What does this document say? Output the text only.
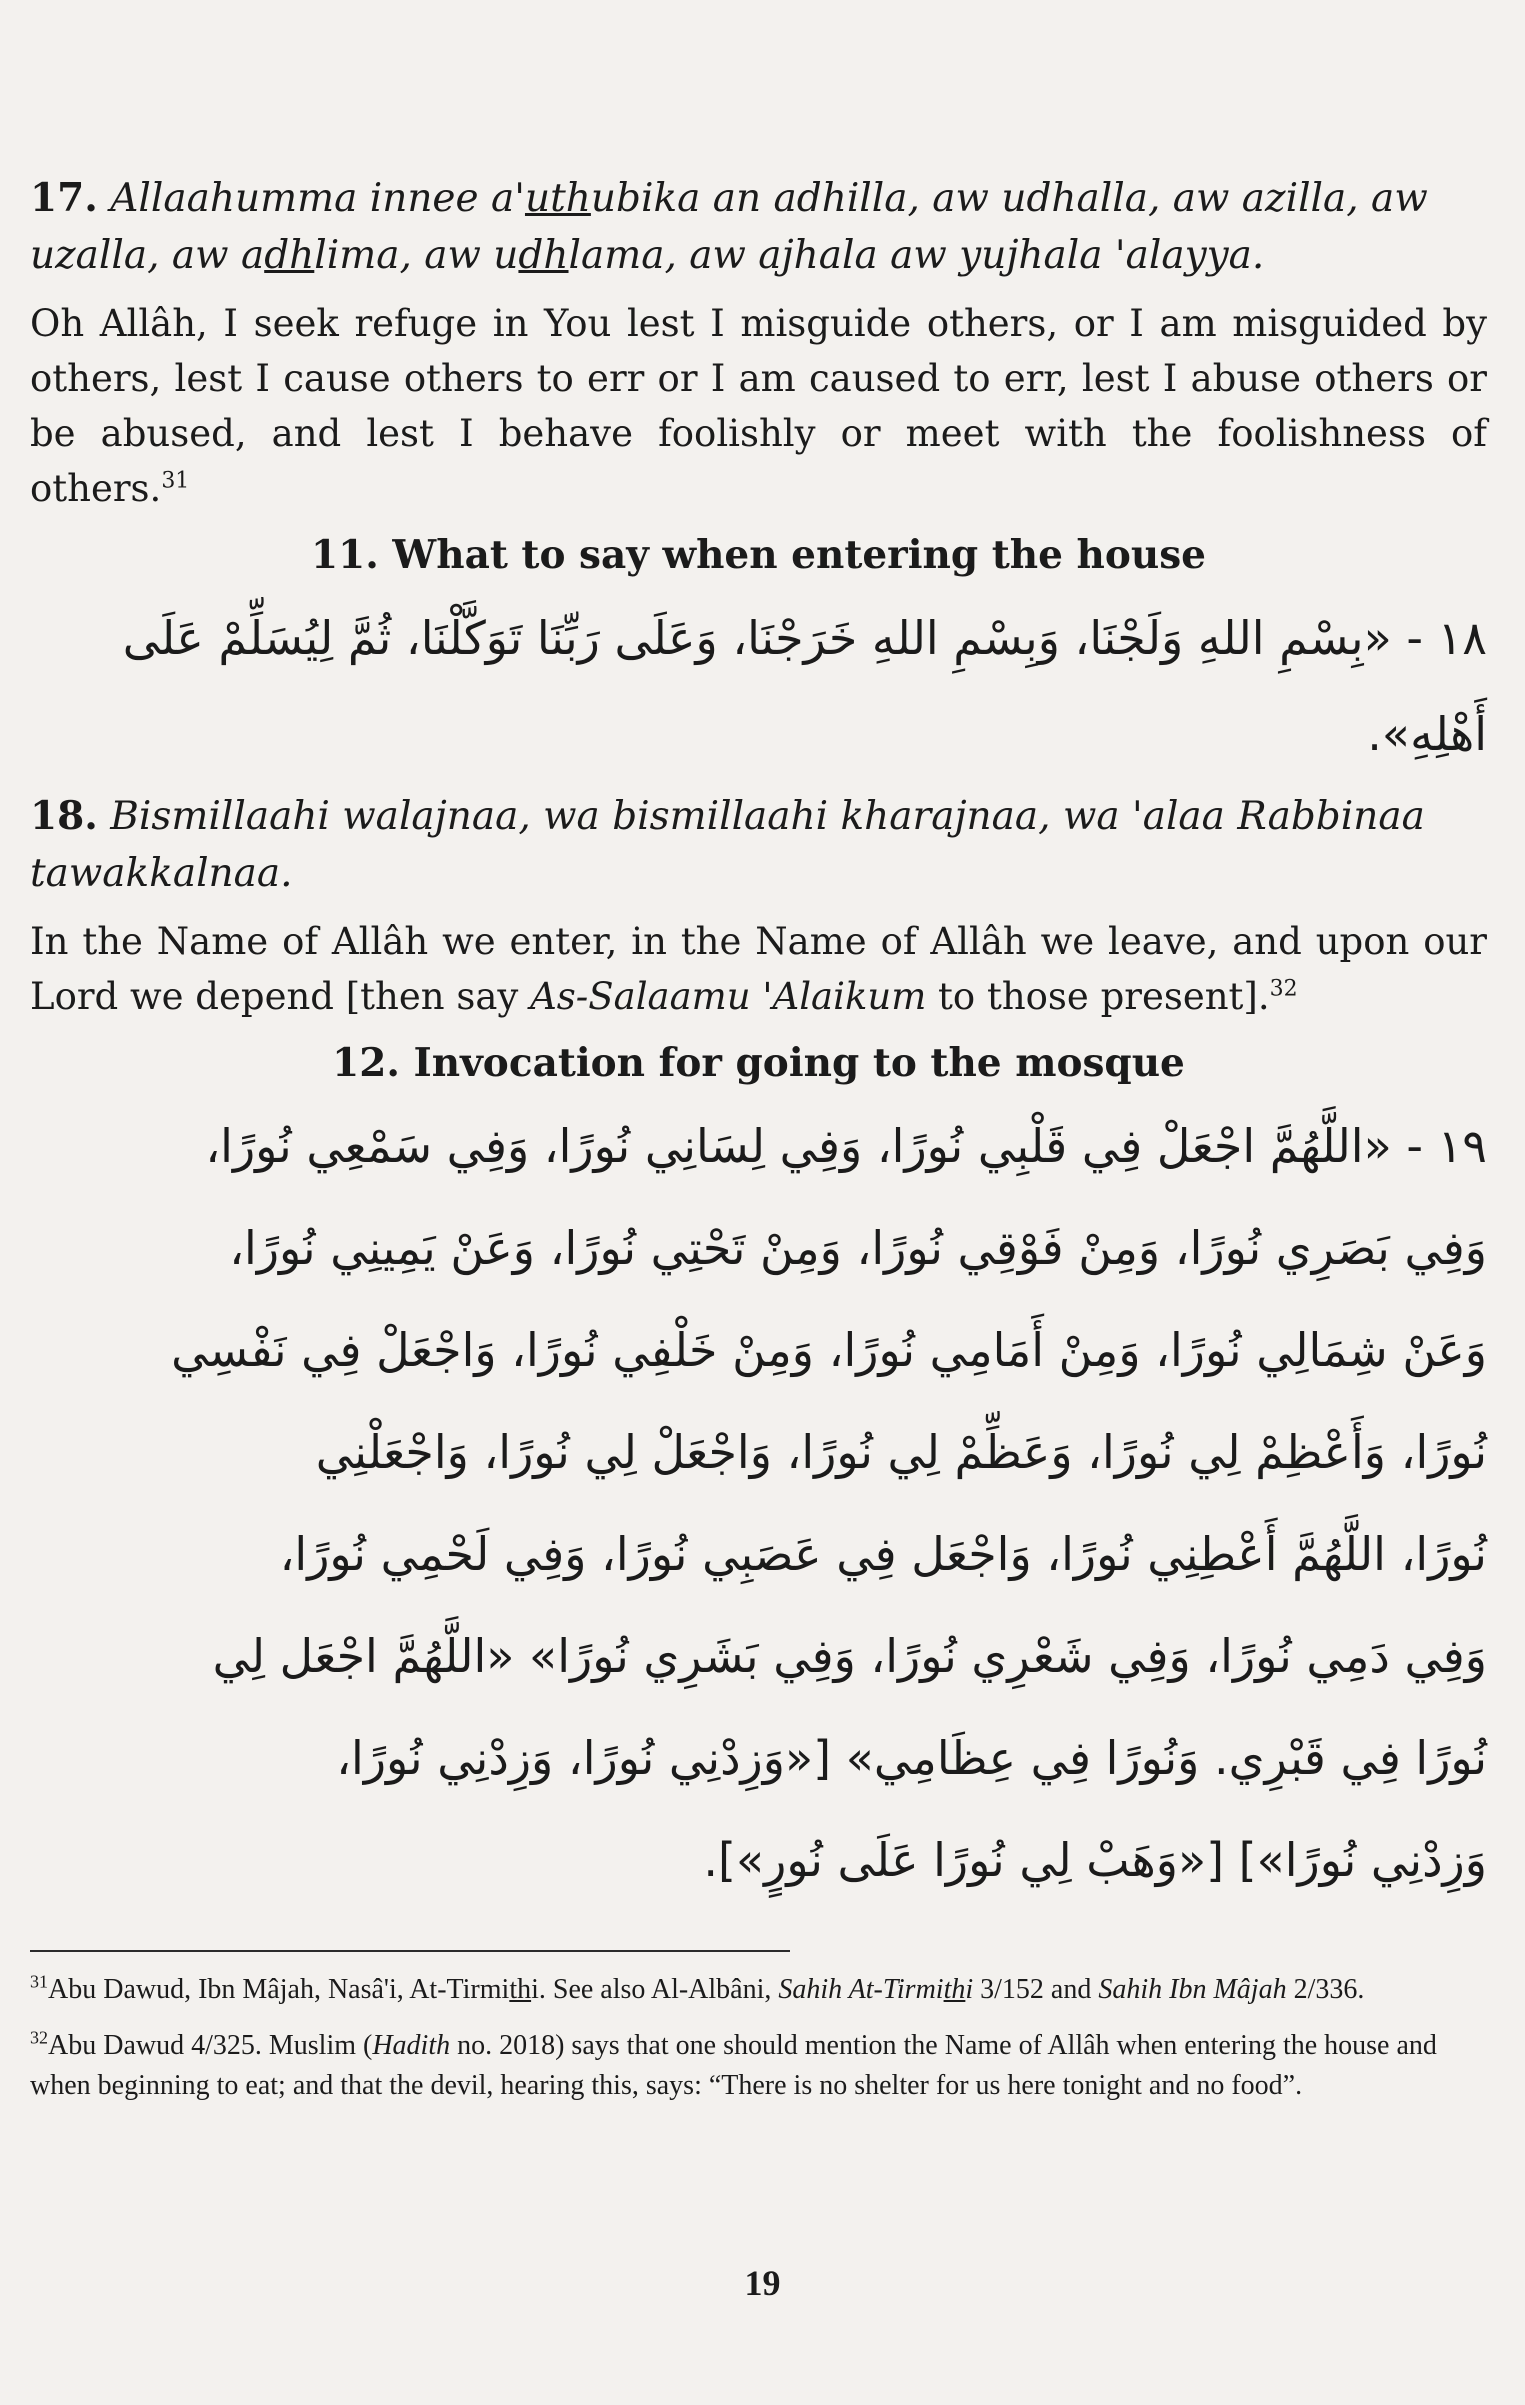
17. Allaahumma innee a'uthubika an adhilla, aw udhalla, aw azilla, aw uzalla, aw adhlima, aw udhlama, aw ajhala aw yujhala 'alayya.

Oh Allâh, I seek refuge in You lest I misguide others, or I am misguided by others, lest I cause others to err or I am caused to err, lest I abuse others or be abused, and lest I behave foolishly or meet with the foolishness of others.$^{31}$

11. What to say when entering the house

١٨ - «بِسْمِ اللهِ وَلَجْنَا، وَبِسْمِ اللهِ خَرَجْنَا، وَعَلَى رَبِّنَا تَوَكَّلْنَا، ثُمَّ لِيُسَلِّمْ عَلَى أَهْلِهِ».

18. Bismillaahi walajnaa, wa bismillaahi kharajnaa, wa 'alaa Rabbinaa tawakkalnaa.

In the Name of Allâh we enter, in the Name of Allâh we leave, and upon our Lord we depend [then say As-Salaamu 'Alaikum to those present].$^{32}$

12. Invocation for going to the mosque

١٩ - «اللَّهُمَّ اجْعَلْ فِي قَلْبِي نُورًا، وَفِي لِسَانِي نُورًا، وَفِي سَمْعِي نُورًا،

وَفِي بَصَرِي نُورًا، وَمِنْ فَوْقِي نُورًا، وَمِنْ تَحْتِي نُورًا، وَعَنْ يَمِينِي نُورًا،

وَعَنْ شِمَالِي نُورًا، وَمِنْ أَمَامِي نُورًا، وَمِنْ خَلْفِي نُورًا، وَاجْعَلْ فِي نَفْسِي

نُورًا، وَأَعْظِمْ لِي نُورًا، وَعَظِّمْ لِي نُورًا، وَاجْعَلْ لِي نُورًا، وَاجْعَلْنِي

نُورًا، اللَّهُمَّ أَعْطِنِي نُورًا، وَاجْعَل فِي عَصَبِي نُورًا، وَفِي لَحْمِي نُورًا،

وَفِي دَمِي نُورًا، وَفِي شَعْرِي نُورًا، وَفِي بَشَرِي نُورًا» «اللَّهُمَّ اجْعَل لِي

نُورًا فِي قَبْرِي. وَنُورًا فِي عِظَامِي» [«وَزِدْنِي نُورًا، وَزِدْنِي نُورًا،

وَزِدْنِي نُورًا»] [«وَهَبْ لِي نُورًا عَلَى نُورٍ»].

$^{31}$Abu Dawud, Ibn Mâjah, Nasâ'i, At-Tirmithi. See also Al-Albâni, Sahih At-Tirmithi 3/152 and Sahih Ibn Mâjah 2/336.

$^{32}$Abu Dawud 4/325. Muslim (Hadith no. 2018) says that one should mention the Name of Allâh when entering the house and when beginning to eat; and that the devil, hearing this, says: “There is no shelter for us here tonight and no food”.

19
